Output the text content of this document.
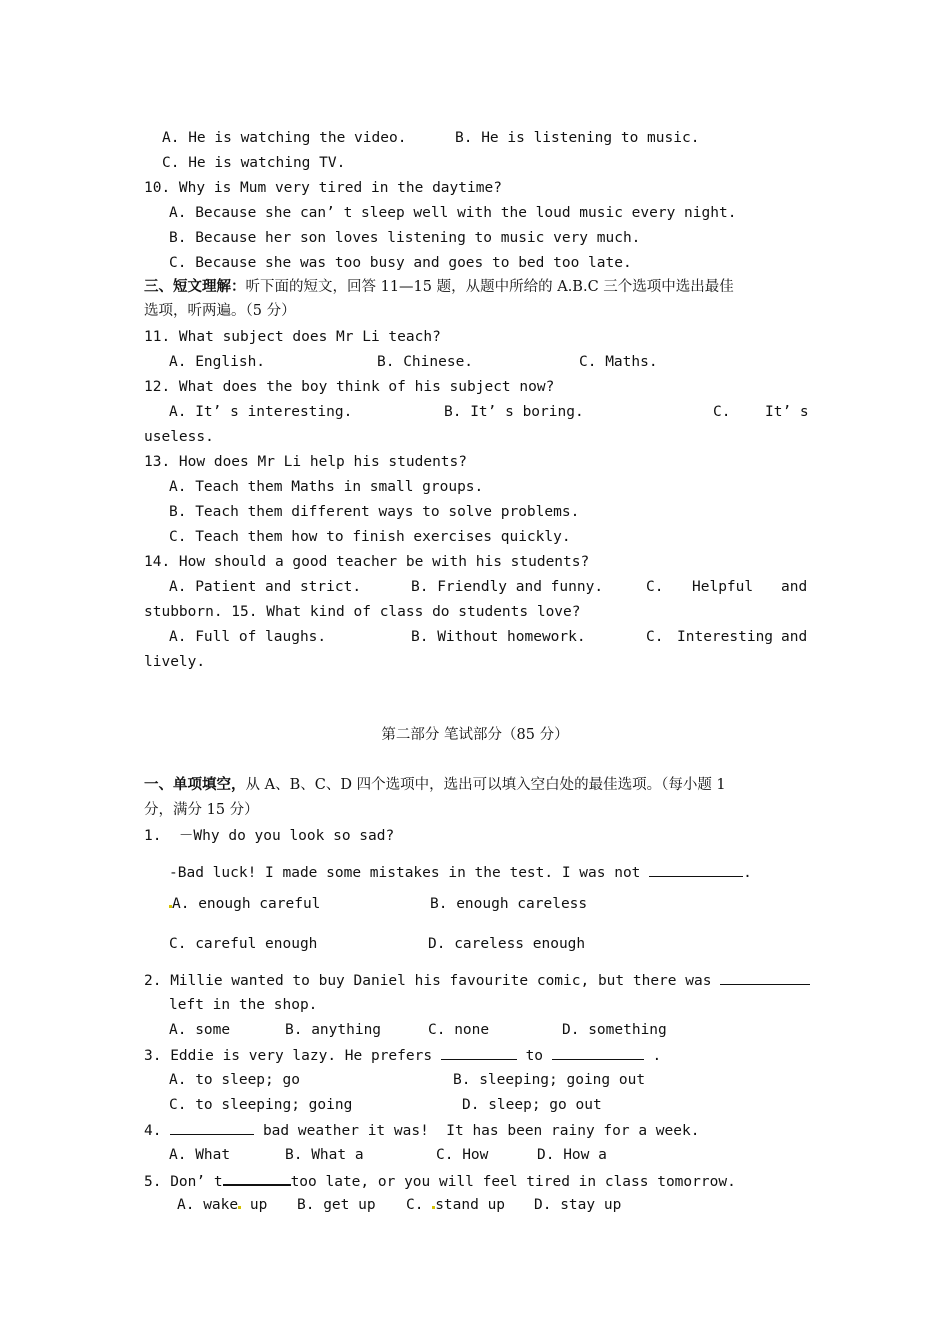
A. He is watching the video.	B. He is listening to music.
C. He is watching TV.
10. Why is Mum very tired in the daytime?
A. Because she can’ t sleep well with the loud music every night.
B. Because her son loves listening to music very much.
C. Because she was too busy and goes to bed too late.
三、短文理解：听下面的短文，回答 11—15 题，从题中所给的 A.B.C 三个选项中选出最佳
选项，听两遍。（5 分）
11. What subject does Mr Li teach?
A. English.	B. Chinese.	C. Maths.
12. What does the boy think of his subject now?
A. It’ s interesting.	B. It’ s boring.	C. It’ s
useless.
13. How does Mr Li help his students?
A. Teach them Maths in small groups.
B. Teach them different ways to solve problems.
C. Teach them how to finish exercises quickly.
14. How should a good teacher be with his students?
A. Patient and strict.	B. Friendly and funny.	C. Helpful and
stubborn. 15. What kind of class do students love?
A. Full of laughs.	B. Without homework.	C. Interesting and
lively.
第二部分 笔试部分（85 分）
一、单项填空，从 A、B、C、D 四个选项中，选出可以填入空白处的最佳选项。（每小题 1
分，满分 15 分）
1.  －Why do you look so sad?
-Bad luck! I made some mistakes in the test. I was not	.
A. enough careful	B. enough careless
C. careful enough	D. careless enough
2. Millie wanted to buy Daniel his favourite comic, but there was
left in the shop.
A. some	B. anything	C. none	D. something
3. Eddie is very lazy. He prefers	to	.
A. to sleep; go	B. sleeping; going out
C. to sleeping; going	D. sleep; go out
4.	bad weather it was!  It has been rainy for a week.
A. What	B. What a	C. How	D. How a
5. Don’ t	too late, or you will feel tired in class tomorrow.
A. wake up B. get up C. stand up D. stay up
